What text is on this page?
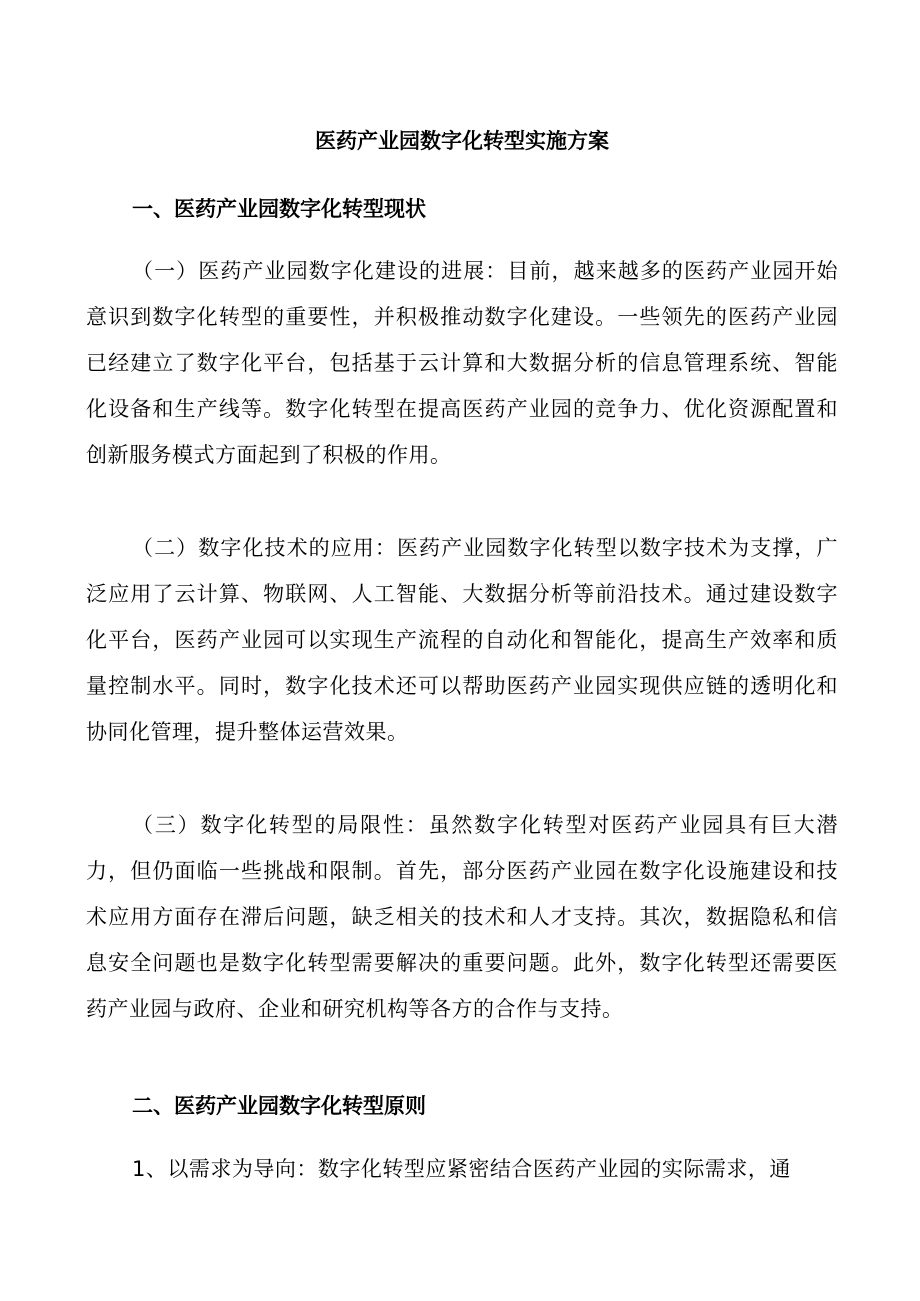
医药产业园数字化转型实施方案
一、医药产业园数字化转型现状

（一）医药产业园数字化建设的进展：目前，越来越多的医药产业园开始意识到数字化转型的重要性，并积极推动数字化建设。一些领先的医药产业园已经建立了数字化平台，包括基于云计算和大数据分析的信息管理系统、智能化设备和生产线等。数字化转型在提高医药产业园的竞争力、优化资源配置和创新服务模式方面起到了积极的作用。

（二）数字化技术的应用：医药产业园数字化转型以数字技术为支撑，广泛应用了云计算、物联网、人工智能、大数据分析等前沿技术。通过建设数字化平台，医药产业园可以实现生产流程的自动化和智能化，提高生产效率和质量控制水平。同时，数字化技术还可以帮助医药产业园实现供应链的透明化和协同化管理，提升整体运营效果。

（三）数字化转型的局限性：虽然数字化转型对医药产业园具有巨大潜力，但仍面临一些挑战和限制。首先，部分医药产业园在数字化设施建设和技术应用方面存在滞后问题，缺乏相关的技术和人才支持。其次，数据隐私和信息安全问题也是数字化转型需要解决的重要问题。此外，数字化转型还需要医药产业园与政府、企业和研究机构等各方的合作与支持。

二、医药产业园数字化转型原则

1、以需求为导向：数字化转型应紧密结合医药产业园的实际需求，通
